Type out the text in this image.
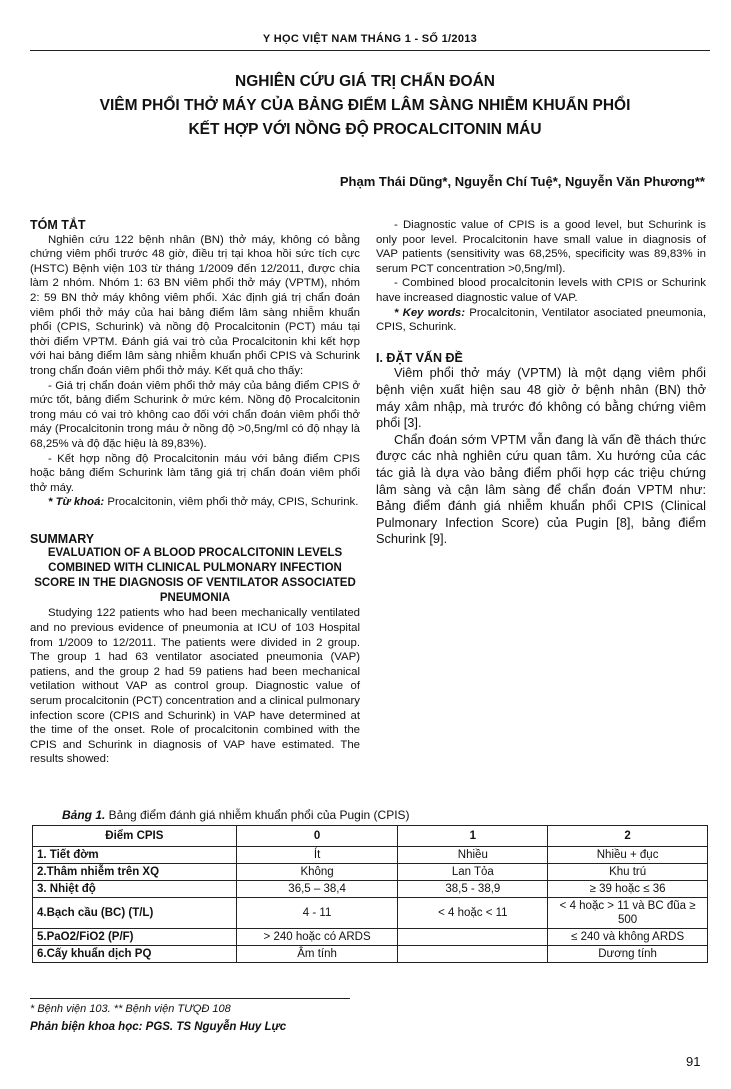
Y HỌC VIỆT NAM THÁNG 1 - SỐ 1/2013
NGHIÊN CỨU GIÁ TRỊ CHẨN ĐOÁN
VIÊM PHỔI THỞ MÁY CỦA BẢNG ĐIỂM LÂM SÀNG NHIỄM KHUẨN PHỔI
KẾT HỢP VỚI NỒNG ĐỘ PROCALCITONIN MÁU
Phạm Thái Dũng*, Nguyễn Chí Tuệ*, Nguyễn Văn Phương**

TÓM TẮT

Nghiên cứu 122 bệnh nhân (BN) thở máy, không có bằng chứng viêm phổi trước 48 giờ, điều trị tại khoa hồi sức tích cực (HSTC) Bệnh viện 103 từ tháng 1/2009 đến 12/2011, được chia làm 2 nhóm. Nhóm 1: 63 BN viêm phổi thở máy (VPTM), nhóm 2: 59 BN thở máy không viêm phổi. Xác định giá trị chẩn đoán viêm phổi thở máy của hai bảng điểm lâm sàng nhiễm khuẩn phổi (CPIS, Schurink) và nồng độ Procalcitonin (PCT) máu tại thời điểm VPTM. Đánh giá vai trò của Procalcitonin khi kết hợp với hai bảng điểm lâm sàng nhiễm khuẩn phổi CPIS và Schurink trong chẩn đoán viêm phổi thở máy. Kết quả cho thấy:

- Giá trị chẩn đoán viêm phổi thở máy của bảng điểm CPIS ở mức tốt, bảng điểm Schurink ở mức kém. Nồng độ Procalcitonin trong máu có vai trò không cao đối với chẩn đoán viêm phổi thở máy (Procalcitonin trong máu ở nồng độ >0,5ng/ml có độ nhạy là 68,25% và độ đặc hiệu là 89,83%).

- Kết hợp nồng độ Procalcitonin máu với bảng điểm CPIS hoặc bảng điểm Schurink làm tăng giá trị chẩn đoán viêm phổi thở máy.

* Từ khoá: Procalcitonin, viêm phổi thở máy, CPIS, Schurink.

SUMMARY

EVALUATION OF A BLOOD PROCALCITONIN LEVELS COMBINED WITH CLINICAL PULMONARY INFECTION SCORE IN THE DIAGNOSIS OF VENTILATOR ASSOCIATED PNEUMONIA

Studying 122 patients who had been mechanically ventilated and no previous evidence of pneumonia at ICU of 103 Hospital from 1/2009 to 12/2011. The patients were divided in 2 group. The group 1 had 63 ventilator asociated pneumonia (VAP) patiens, and the group 2 had 59 patiens had been mechanical vetilation without VAP as control group. Diagnostic value of serum procalcitonin (PCT) concentration and a clinical pulmonary infection score (CPIS and Schurink) in VAP have determined at the time of the onset. Role of procalcitonin combined with the CPIS and Schurink in diagnosis of VAP have estimated. The results showed:

- Diagnostic value of CPIS is a good level, but Schurink is only poor level. Procalcitonin have small value in diagnosis of VAP patients (sensitivity was 68,25%, specificity was 89,83% in serum PCT concentration >0,5ng/ml).

- Combined blood procalcitonin levels with CPIS or Schurink have increased diagnostic value of VAP.

* Key words: Procalcitonin, Ventilator asociated pneumonia, CPIS, Schurink.

I. ĐẶT VẤN ĐỀ

Viêm phổi thở máy (VPTM) là một dạng viêm phổi bệnh viện xuất hiện sau 48 giờ ở bệnh nhân (BN) thở máy xâm nhập, mà trước đó không có bằng chứng viêm phổi [3].

Chẩn đoán sớm VPTM vẫn đang là vấn đề thách thức được các nhà nghiên cứu quan tâm. Xu hướng của các tác giả là dựa vào bảng điểm phối hợp các triệu chứng lâm sàng và cận lâm sàng để chẩn đoán VPTM như: Bảng điểm đánh giá nhiễm khuẩn phổi CPIS (Clinical Pulmonary Infection Score) của Pugin [8], bảng điểm Schurink [9].

Bảng 1. Bảng điểm đánh giá nhiễm khuẩn phổi của Pugin (CPIS)
Điểm CPIS	0	1	2
1. Tiết đờm	Ít	Nhiều	Nhiều + đục
2.Thâm nhiễm trên XQ	Không	Lan Tỏa	Khu trú
3. Nhiệt độ	36,5 – 38,4	38,5 - 38,9	≥ 39 hoặc ≤ 36
4.Bạch cầu (BC) (T/L)	4 - 11	< 4 hoặc < 11	< 4 hoặc > 11 và BC đũa ≥ 500
5.PaO2/FiO2 (P/F)	> 240 hoặc có ARDS		≤ 240 và không ARDS
6.Cấy khuẩn dịch PQ	Âm tính		Dương tính
* Bệnh viện 103. ** Bệnh viện TƯQĐ 108
Phản biện khoa học: PGS. TS Nguyễn Huy Lực
91
